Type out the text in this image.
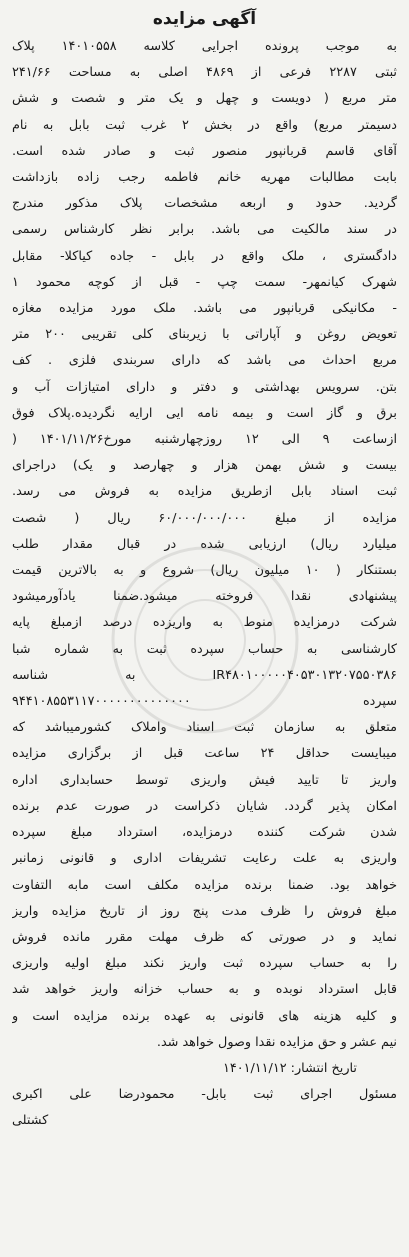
آگهی مزایده
به موجب پرونده اجرایی کلاسه ۱۴۰۱۰۵۵۸ پلاک
ثبتی ۲۲۸۷ فرعی از ۴۸۶۹ اصلی به مساحت ۲۴۱/۶۶
متر مربع ( دویست و چهل و یک متر و شصت و شش
دسیمتر مربع) واقع در بخش ۲ غرب ثبت بابل به نام
آقای قاسم قربانپور منصور ثبت و صادر شده است.
بابت مطالبات مهریه خانم فاطمه رجب زاده بازداشت
گردید. حدود و اربعه مشخصات پلاک مذکور مندرج
در سند مالکیت می باشد. برابر نظر کارشناس رسمی
دادگستری ، ملک واقع در بابل - جاده کیاکلا- مقابل
شهرک کیانمهر- سمت چپ - قبل از کوچه محمود ۱
- مکانیکی قربانپور می باشد. ملک مورد مزایده مغازه
تعویض روغن و آپاراتی با زیربنای کلی تقریبی ۲۰۰ متر
مربع احداث می باشد که دارای سربندی فلزی . کف
بتن. سرویس بهداشتی و دفتر و دارای امتیازات آب و
برق و گاز است و بیمه نامه ایی ارایه نگردیده.پلاک فوق
ازساعت ۹ الی ۱۲ روزچهارشنبه مورخ۱۴۰۱/۱۱/۲۶ (
بیست و شش بهمن هزار و چهارصد و یک) دراجرای
ثبت اسناد بابل ازطریق مزایده به فروش می رسد.
مزایده از مبلغ ۶۰/۰۰۰/۰۰۰/۰۰۰ ریال ( شصت
میلیارد ریال) ارزیابی شده در قبال مقدار طلب
بستنکار ( ۱۰ میلیون ریال) شروع و به بالاترین قیمت
پیشنهادی نقدا فروخته میشود.ضمنا یادآورمیشود
شرکت درمزایده منوط به واریزده درصد ازمبلغ پایه
کارشناسی به حساب سپرده ثبت به شماره شبا
IR۴۸۰۱۰۰۰۰۰۴۰۵۳۰۱۳۲۰۷۵۵۰۳۸۶ به شناسه
سپرده ۹۴۴۱۰۸۵۵۳۱۱۷۰۰۰۰۰۰۰۰۰۰۰۰۰۰
متعلق به سازمان ثبت اسناد واملاک کشورمیباشد که
میبایست حداقل ۲۴ ساعت قبل از برگزاری مزایده
واریز تا تایید فیش واریزی توسط حسابداری اداره
امکان پذیر گردد. شایان ذکراست در صورت عدم برنده
شدن شرکت کننده درمزایده، استرداد مبلغ سپرده
واریزی به علت رعایت تشریفات اداری و قانونی زمانبر
خواهد بود. ضمنا برنده مزایده مکلف است مابه التفاوت
مبلغ فروش را ظرف مدت پنج روز از تاریخ مزایده واریز
نماید و در صورتی که ظرف مهلت مقرر مانده فروش
را به حساب سپرده ثبت واریز نکند مبلغ اولیه واریزی
قابل استرداد نوبده و به حساب خزانه واریز خواهد شد
و کلیه هزینه های قانونی به عهده برنده مزایده است و
نیم عشر و حق مزایده نقدا وصول خواهد شد.
تاریخ انتشار: ۱۴۰۱/۱۱/۱۲
مسئول اجرای ثبت بابل- محمودرضا علی اکبری
کشتلی
